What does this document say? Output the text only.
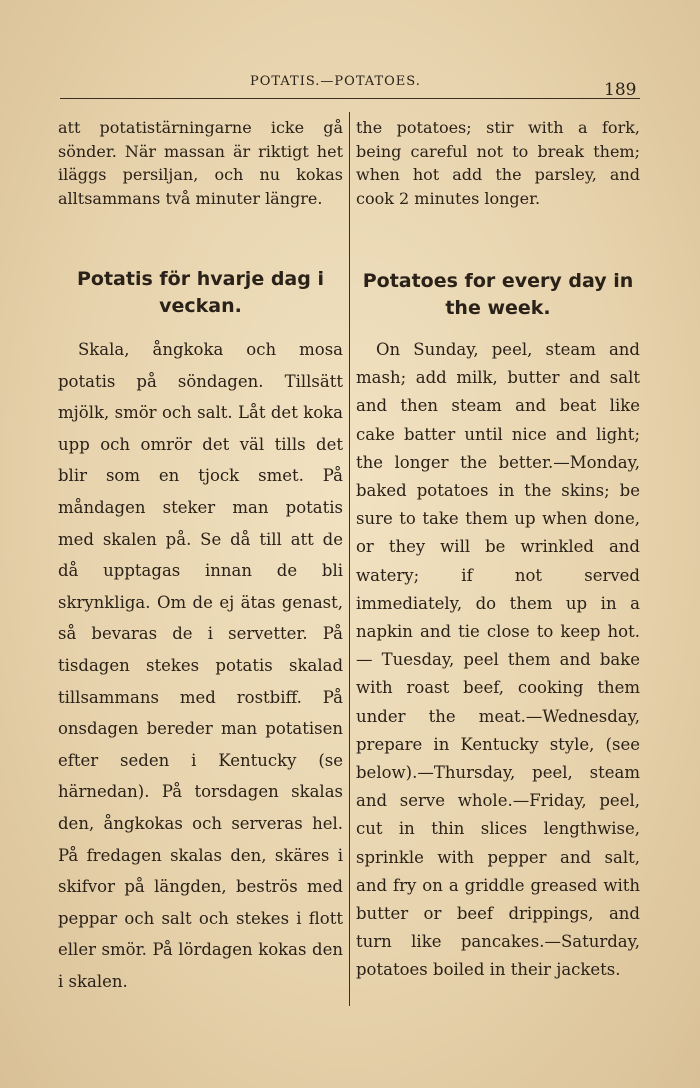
POTATIS.—POTATOES.	189

att potatistärningarne icke gå sönder. När massan är riktigt het iläggs persiljan, och nu kokas alltsammans två minuter längre.

Potatis för hvarje dag i veckan.

Skala, ångkoka och mosa potatis på söndagen. Tillsätt mjölk, smör och salt. Låt det koka upp och omrör det väl tills det blir som en tjock smet. På måndagen steker man potatis med skalen på. Se då till att de då upptagas innan de bli skrynkliga. Om de ej ätas genast, så bevaras de i servetter. På tisdagen stekes potatis skalad tillsammans med rostbiff. På onsdagen bereder man potatisen efter seden i Kentucky (se härnedan). På torsdagen skalas den, ångkokas och serveras hel. På fredagen skalas den, skäres i skifvor på längden, beströs med peppar och salt och stekes i flott eller smör. På lördagen kokas den i skalen.

the potatoes; stir with a fork, being careful not to break them; when hot add the parsley, and cook 2 minutes longer.

Potatoes for every day in the week.

On Sunday, peel, steam and mash; add milk, butter and salt and then steam and beat like cake batter until nice and light; the longer the better.—Monday, baked potatoes in the skins; be sure to take them up when done, or they will be wrinkled and watery; if not served immediately, do them up in a napkin and tie close to keep hot.— Tuesday, peel them and bake with roast beef, cooking them under the meat.—Wednesday, prepare in Kentucky style, (see below).—Thursday, peel, steam and serve whole.—Friday, peel, cut in thin slices lengthwise, sprinkle with pepper and salt, and fry on a griddle greased with butter or beef drippings, and turn like pancakes.—Saturday, potatoes boiled in their jackets.
